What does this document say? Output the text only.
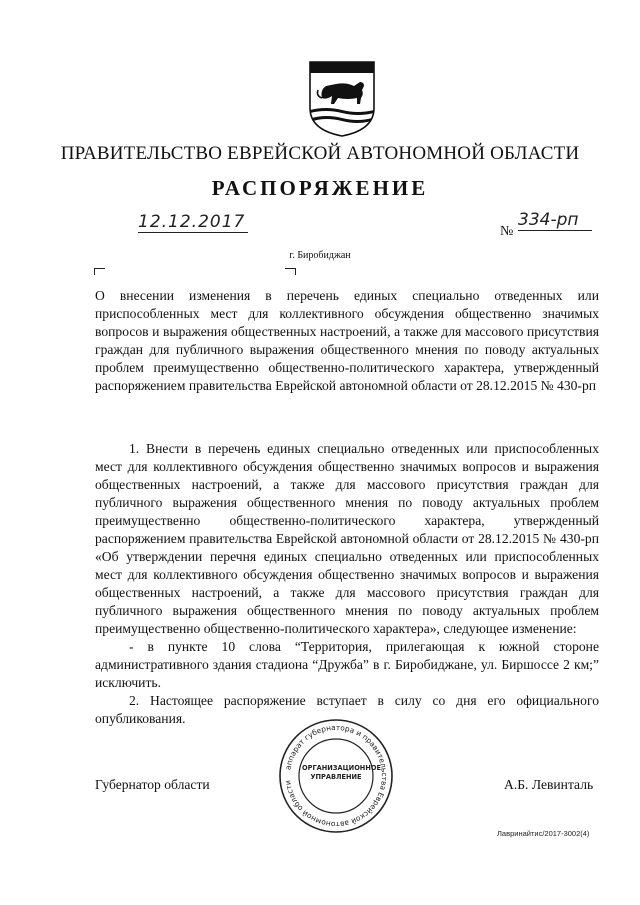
ПРАВИТЕЛЬСТВО ЕВРЕЙСКОЙ АВТОНОМНОЙ ОБЛАСТИ
РАСПОРЯЖЕНИЕ
12.12.2017	№
334-рп
г. Биробиджан
О внесении изменения в перечень единых специально отведенных или приспособленных мест для коллективного обсуждения общественно значимых вопросов и выражения общественных настроений, а также для массового присутствия граждан для публичного выражения общественного мнения по поводу актуальных проблем преимущественно общественно-политического характера, утвержденный распоряжением правительства Еврейской автономной области от 28.12.2015 № 430-рп

1. Внести в перечень единых специально отведенных или приспособленных мест для коллективного обсуждения общественно значимых вопросов и выражения общественных настроений, а также для массового присутствия граждан для публичного выражения общественного мнения по поводу актуальных проблем преимущественно общественно-политического характера, утвержденный распоряжением правительства Еврейской автономной области от 28.12.2015 № 430-рп «Об утверждении перечня единых специально отведенных или приспособленных мест для коллективного обсуждения общественно значимых вопросов и выражения общественных настроений, а также для массового присутствия граждан для публичного выражения общественного мнения по поводу актуальных проблем преимущественно общественно-политического характера», следующее изменение:

- в пункте 10 слова “Территория, прилегающая к южной стороне административного здания стадиона “Дружба” в г. Биробиджане, ул. Биршоссе 2 км;” исключить.

2. Настоящее распоряжение вступает в силу со дня его официального опубликования.

аппарат губернатора и правительства Еврейской автономной области
ОРГАНИЗАЦИОННОЕ УПРАВЛЕНИЕ
Губернатор области	А.Б. Левинталь
Лавринайтис/2017-3002(4)
